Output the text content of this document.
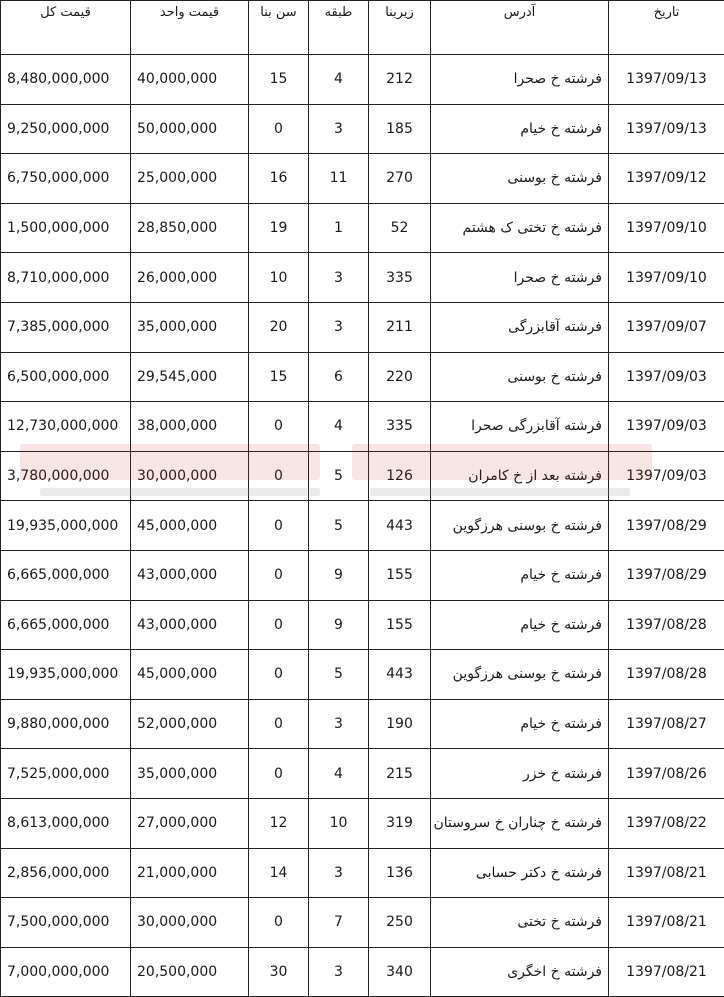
قیمت کل	قیمت واحد	سن بنا	طبقه	زیربنا	آدرس	تاریخ
8,480,000,000	40,000,000	15	4	212	فرشته خ صحرا	1397/09/13
9,250,000,000	50,000,000	0	3	185	فرشته خ خیام	1397/09/13
6,750,000,000	25,000,000	16	11	270	فرشته خ بوسنی	1397/09/12
1,500,000,000	28,850,000	19	1	52	فرشته خ تختی ک هشتم	1397/09/10
8,710,000,000	26,000,000	10	3	335	فرشته خ صحرا	1397/09/10
7,385,000,000	35,000,000	20	3	211	فرشته آقابزرگی	1397/09/07
6,500,000,000	29,545,000	15	6	220	فرشته خ بوسنی	1397/09/03
12,730,000,000	38,000,000	0	4	335	فرشته آقابزرگی صحرا	1397/09/03
3,780,000,000	30,000,000	0	5	126	فرشته بعد از خ کامران	1397/09/03
19,935,000,000	45,000,000	0	5	443	فرشته خ بوسنی هرزگوین	1397/08/29
6,665,000,000	43,000,000	0	9	155	فرشته خ خیام	1397/08/29
6,665,000,000	43,000,000	0	9	155	فرشته خ خیام	1397/08/28
19,935,000,000	45,000,000	0	5	443	فرشته خ بوسنی هرزگوین	1397/08/28
9,880,000,000	52,000,000	0	3	190	فرشته خ خیام	1397/08/27
7,525,000,000	35,000,000	0	4	215	فرشته خ خزر	1397/08/26
8,613,000,000	27,000,000	12	10	319	فرشته خ چناران خ سروستان	1397/08/22
2,856,000,000	21,000,000	14	3	136	فرشته خ دکتر حسابی	1397/08/21
7,500,000,000	30,000,000	0	7	250	فرشته خ تختی	1397/08/21
7,000,000,000	20,500,000	30	3	340	فرشته خ اخگری	1397/08/21
